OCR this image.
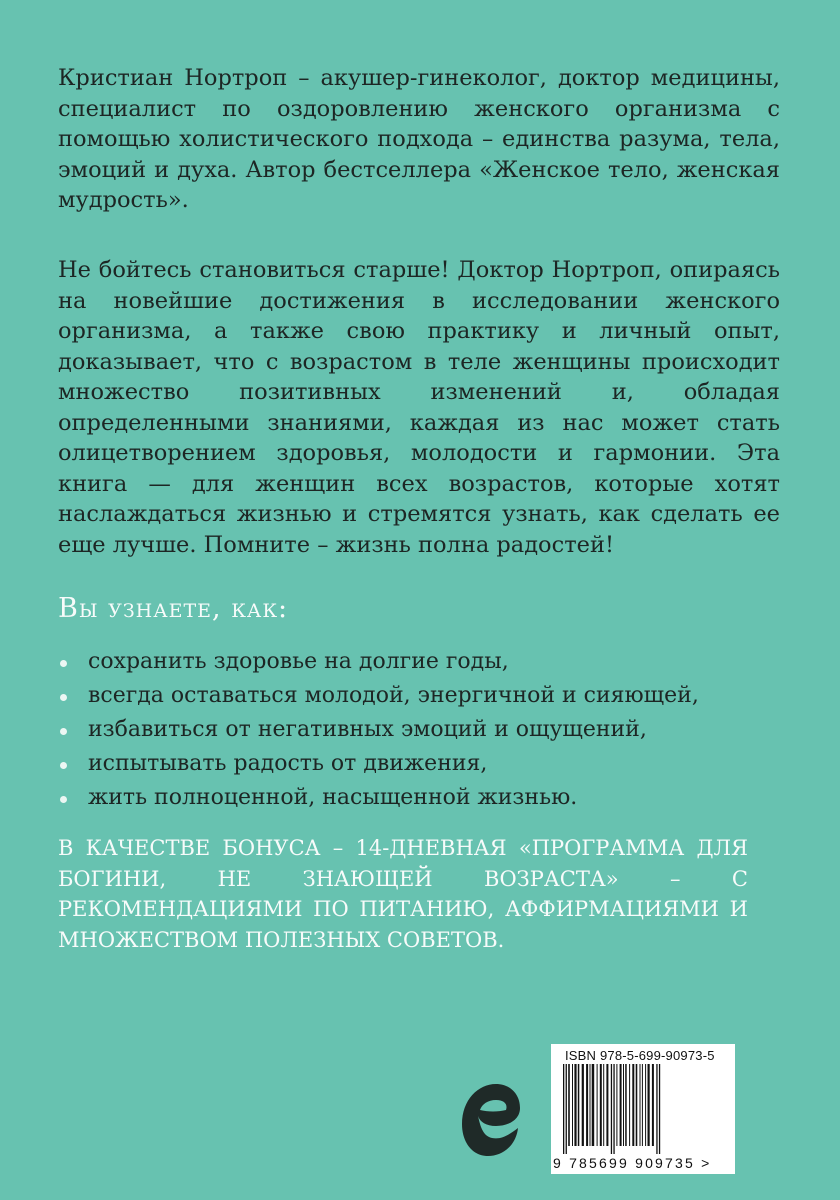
Кристиан Нортроп – акушер-гинеколог, доктор медицины, специалист по оздоровлению женского организма с помощью холистического подхода – единства разума, тела, эмоций и духа. Автор бестселлера «Женское тело, женская мудрость».

Не бойтесь становиться старше! Доктор Нортроп, опираясь на новейшие достижения в исследовании женского организма, а также свою практику и личный опыт, доказывает, что с возрастом в теле женщины происходит множество позитивных изменений и, обладая определенными знаниями, каждая из нас может стать олицетворением здоровья, молодости и гармонии. Эта книга — для женщин всех возрастов, которые хотят наслаждаться жизнью и стремятся узнать, как сделать ее еще лучше. Помните – жизнь полна радостей!

Вы узнаете, как:
сохранить здоровье на долгие годы,
всегда оставаться молодой, энергичной и сияющей,
избавиться от негативных эмоций и ощущений,
испытывать радость от движения,
жить полноценной, насыщенной жизнью.

В КАЧЕСТВЕ БОНУСА – 14-ДНЕВНАЯ «ПРОГРАММА ДЛЯ БОГИНИ, НЕ ЗНАЮЩЕЙ ВОЗРАСТА» – С РЕКОМЕНДАЦИЯМИ ПО ПИТАНИЮ, АФФИРМАЦИЯМИ И МНОЖЕСТВОМ ПОЛЕЗНЫХ СОВЕТОВ.

ISBN 978-5-699-90973-5
9 785699 909735 >
